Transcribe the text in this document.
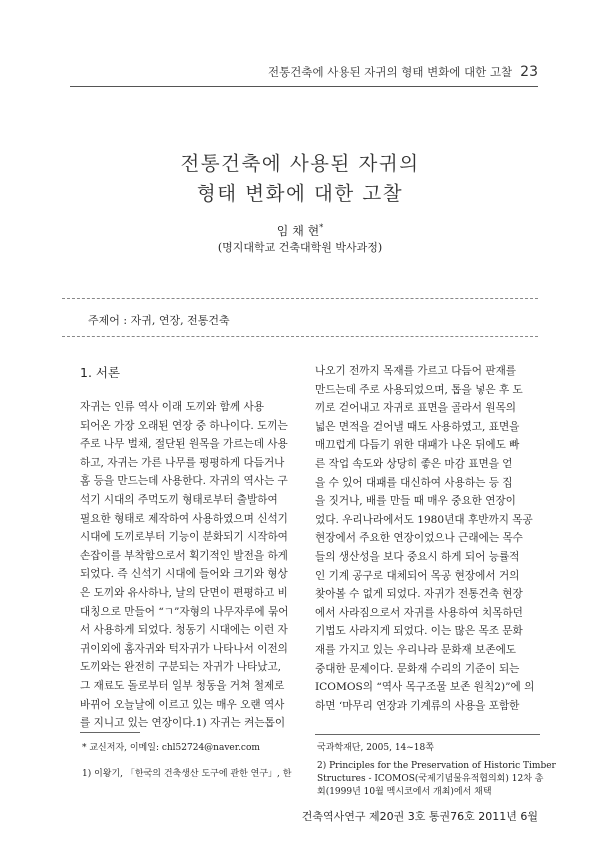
전통건축에 사용된 자귀의 형태 변화에 대한 고찰 23
전통건축에 사용된 자귀의
형태 변화에 대한 고찰
임 채 현*
(명지대학교 건축대학원 박사과정)
주제어 : 자귀, 연장, 전통건축
1. 서론
자귀는 인류 역사 이래 도끼와 함께 사용
되어온 가장 오래된 연장 중 하나이다. 도끼는
주로 나무 벌채, 절단된 원목을 가르는데 사용
하고, 자귀는 가른 나무를 평평하게 다듬거나
홈 등을 만드는데 사용한다. 자귀의 역사는 구
석기 시대의 주먹도끼 형태로부터 출발하여
필요한 형태로 제작하여 사용하였으며 신석기
시대에 도끼로부터 기능이 분화되기 시작하여
손잡이를 부착함으로서 획기적인 발전을 하게
되었다. 즉 신석기 시대에 들어와 크기와 형상
은 도끼와 유사하나, 날의 단면이 편평하고 비
대칭으로 만들어 “ㄱ”자형의 나무자루에 묶어
서 사용하게 되었다. 청동기 시대에는 이런 자
귀이외에 홈자귀와 턱자귀가 나타나서 이전의
도끼와는 완전히 구분되는 자귀가 나타났고,
그 재료도 돌로부터 일부 청동을 거쳐 철제로
바뀌어 오늘날에 이르고 있는 매우 오랜 역사
를 지니고 있는 연장이다.1) 자귀는 켜는톱이
나오기 전까지 목재를 가르고 다듬어 판재를
만드는데 주로 사용되었으며, 톱을 넣은 후 도
끼로 걷어내고 자귀로 표면을 골라서 원목의
넓은 면적을 걷어낼 때도 사용하였고, 표면을
매끄럽게 다듬기 위한 대패가 나온 뒤에도 빠
른 작업 속도와 상당히 좋은 마감 표면을 얻
을 수 있어 대패를 대신하여 사용하는 등 집
을 짓거나, 배를 만들 때 매우 중요한 연장이
었다. 우리나라에서도 1980년대 후반까지 목공
현장에서 주요한 연장이었으나 근래에는 목수
들의 생산성을 보다 중요시 하게 되어 능률적
인 기계 공구로 대체되어 목공 현장에서 거의
찾아볼 수 없게 되었다. 자귀가 전통건축 현장
에서 사라짐으로서 자귀를 사용하여 치목하던
기법도 사라지게 되었다. 이는 많은 목조 문화
재를 가지고 있는 우리나라 문화재 보존에도
중대한 문제이다. 문화재 수리의 기준이 되는
ICOMOS의 “역사 목구조물 보존 원칙2)”에 의
하면 ‘마무리 연장과 기계류의 사용을 포함한
* 교신저자, 이메일: chl52724@naver.com
1) 이왕기, 「한국의 건축생산 도구에 관한 연구」, 한
국과학재단, 2005, 14~18쪽
2) Principles for the Preservation of Historic Timber
Structures - ICOMOS(국제기념물유적협의회) 12차 총
회(1999년 10월 멕시코에서 개최)에서 채택
건축역사연구 제20권 3호 통권76호 2011년 6월
